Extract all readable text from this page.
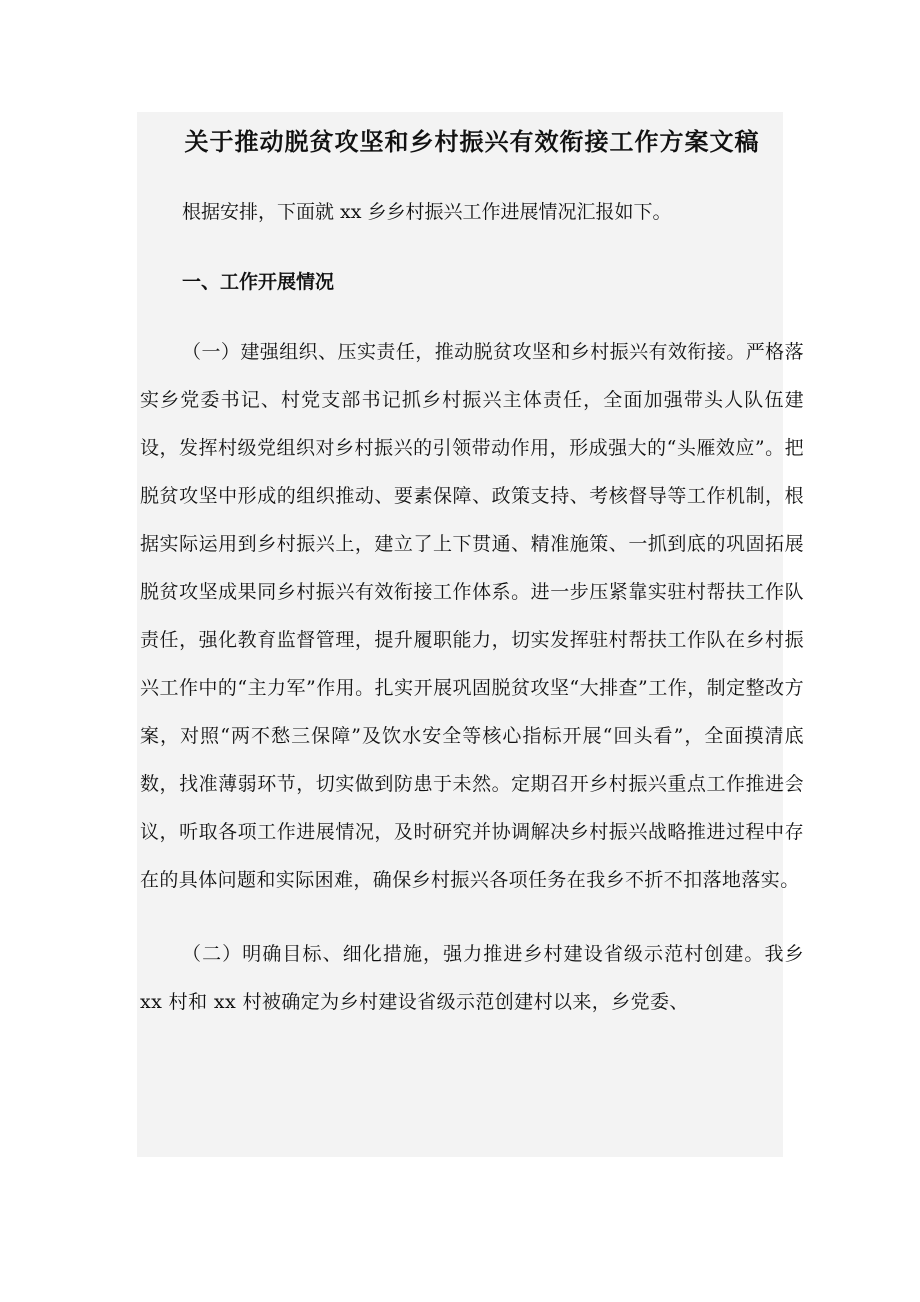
关于推动脱贫攻坚和乡村振兴有效衔接工作方案文稿

根据安排，下面就 xx 乡乡村振兴工作进展情况汇报如下。

一、工作开展情况

（一）建强组织、压实责任，推动脱贫攻坚和乡村振兴有效衔接。严格落实乡党委书记、村党支部书记抓乡村振兴主体责任，全面加强带头人队伍建设，发挥村级党组织对乡村振兴的引领带动作用，形成强大的“头雁效应”。把脱贫攻坚中形成的组织推动、要素保障、政策支持、考核督导等工作机制，根据实际运用到乡村振兴上，建立了上下贯通、精准施策、一抓到底的巩固拓展脱贫攻坚成果同乡村振兴有效衔接工作体系。进一步压紧靠实驻村帮扶工作队责任，强化教育监督管理，提升履职能力，切实发挥驻村帮扶工作队在乡村振兴工作中的“主力军”作用。扎实开展巩固脱贫攻坚“大排查”工作，制定整改方案，对照“两不愁三保障”及饮水安全等核心指标开展“回头看”，全面摸清底数，找准薄弱环节，切实做到防患于未然。定期召开乡村振兴重点工作推进会议，听取各项工作进展情况，及时研究并协调解决乡村振兴战略推进过程中存在的具体问题和实际困难，确保乡村振兴各项任务在我乡不折不扣落地落实。

（二）明确目标、细化措施，强力推进乡村建设省级示范村创建。我乡 xx 村和 xx 村被确定为乡村建设省级示范创建村以来，乡党委、
